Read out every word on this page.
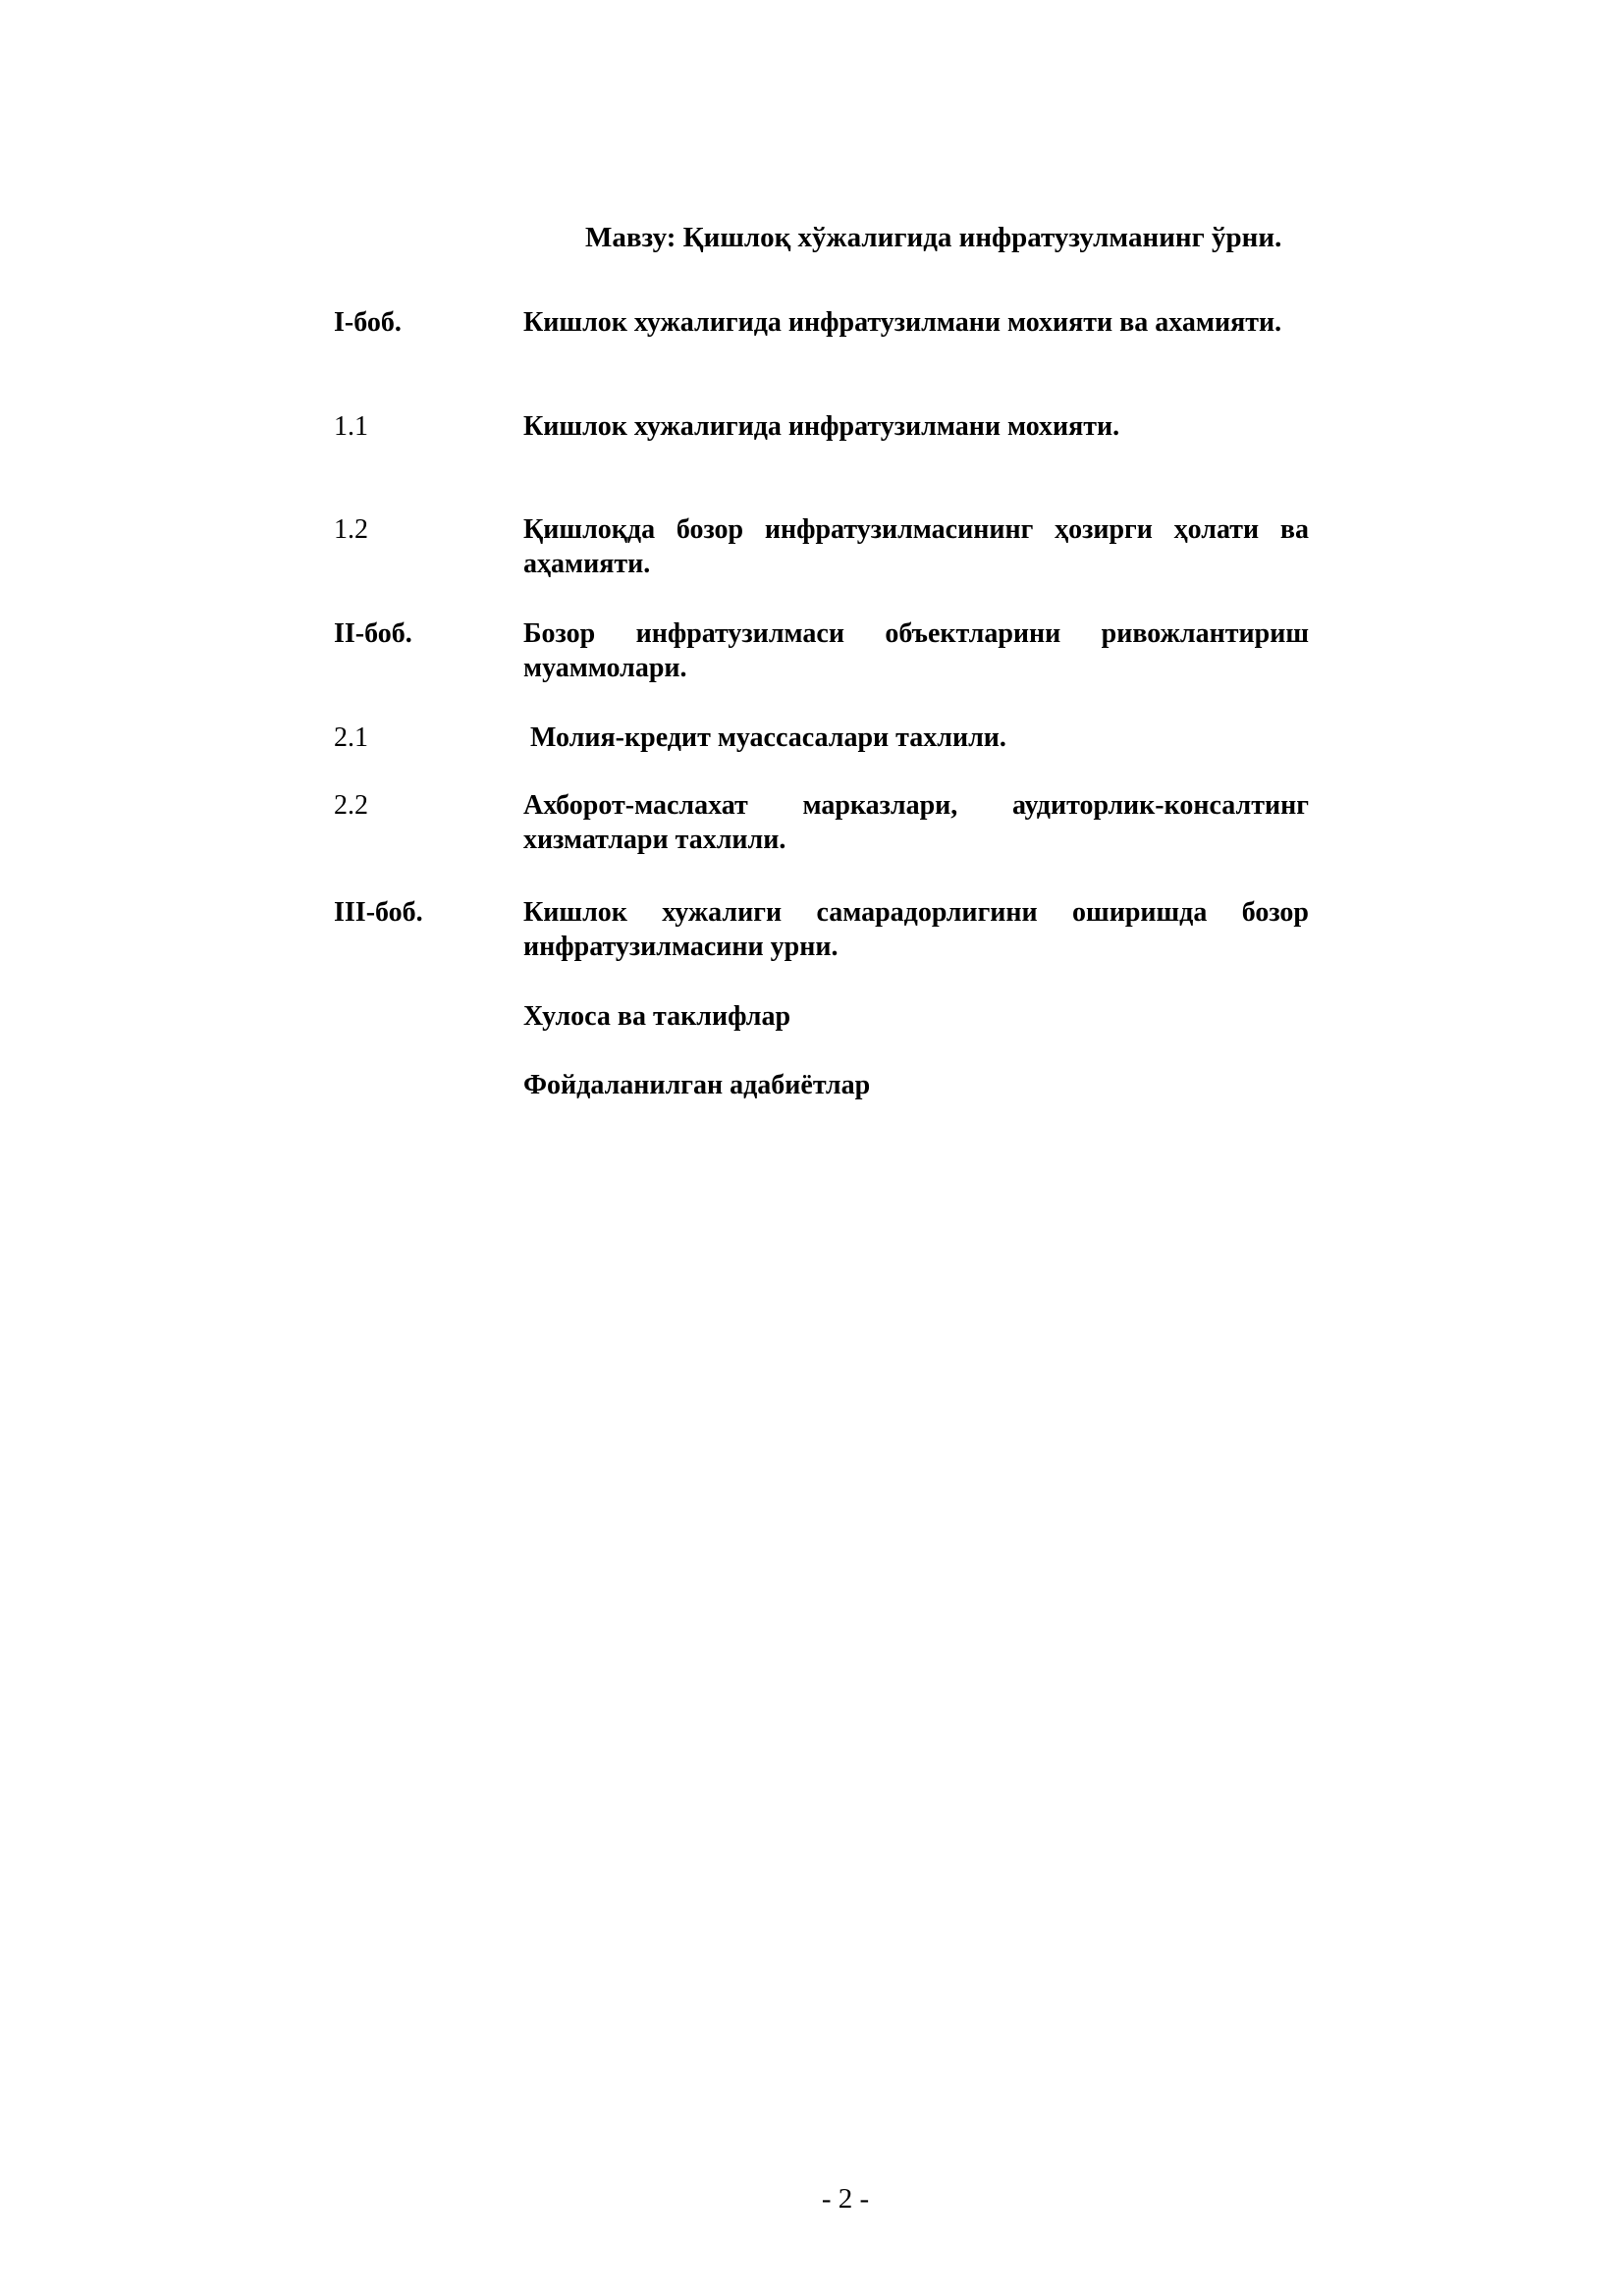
Мавзу: Қишлоқ хўжалигида инфратузулманинг ўрни.
I-боб.	Кишлок хужалигида инфратузилмани мохияти ва ахамияти.
1.1	Кишлок хужалигида инфратузилмани мохияти.
1.2	Қишлоқда бозор инфратузилмасининг ҳозирги ҳолати ва аҳамияти.
II-боб.	Бозор инфратузилмаси объектларини ривожлантириш муаммолари.
2.1	Молия-кредит муассасалари тахлили.
2.2	Ахборот-маслахат марказлари, аудиторлик-консалтинг хизматлари тахлили.
III-боб.	Кишлок хужалиги самарадорлигини оширишда бозор инфратузилмасини урни.
Хулоса ва таклифлар
Фойдаланилган адабиётлар
- 2 -
